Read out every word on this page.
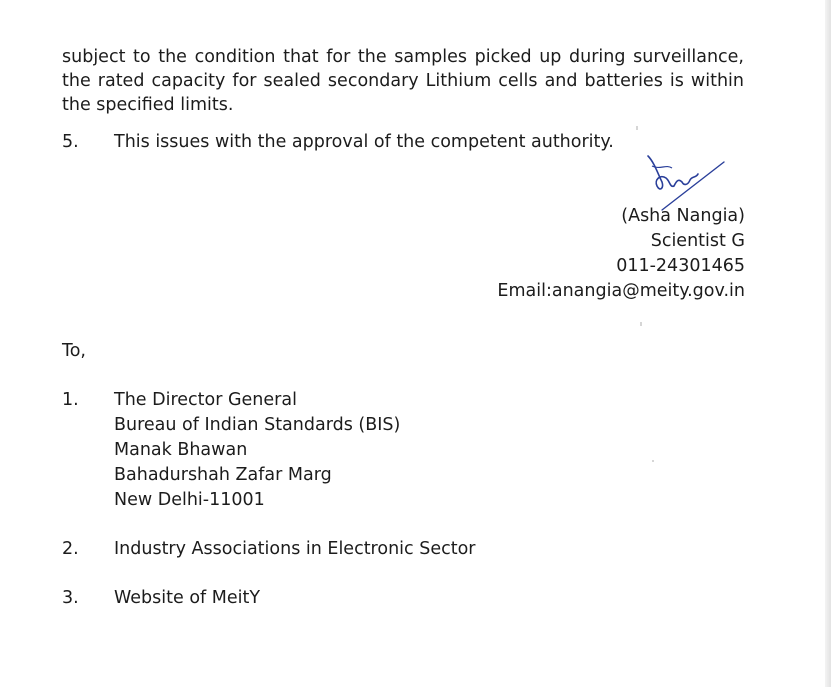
subject to the condition that for the samples picked up during surveillance, the rated capacity for sealed secondary Lithium cells and batteries is within the specified limits.

5. This issues with the approval of the competent authority.
(Asha Nangia)
Scientist G
011-24301465
Email:anangia@meity.gov.in
To,
1. The Director General
Bureau of Indian Standards (BIS)
Manak Bhawan
Bahadurshah Zafar Marg
New Delhi-11001
2. Industry Associations in Electronic Sector
3. Website of MeitY
